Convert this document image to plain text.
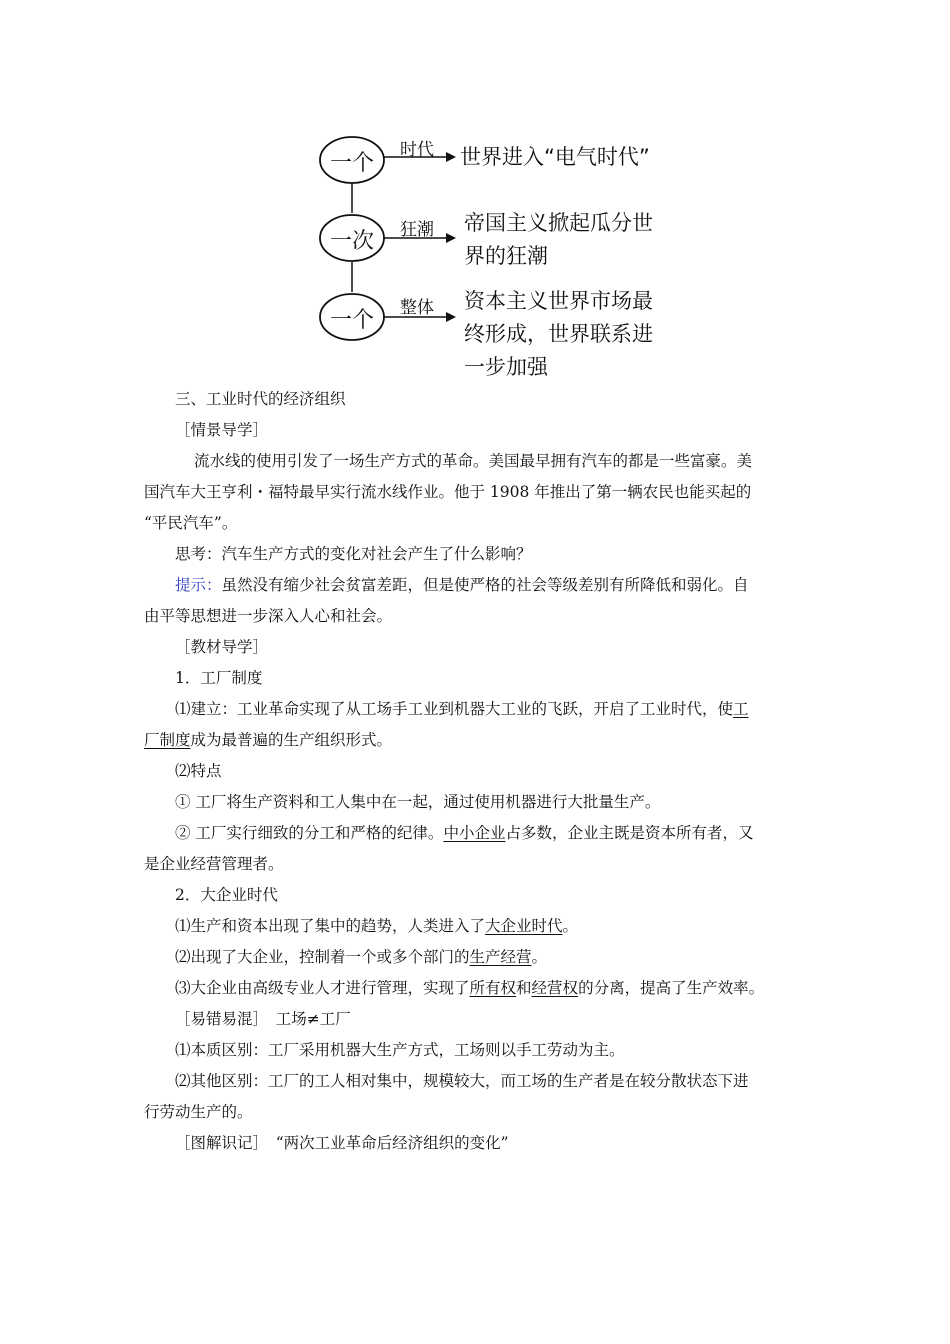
一个
一次
一个
时代
狂潮
整体
世界进入“电气时代”
帝国主义掀起瓜分世
界的狂潮
资本主义世界市场最
终形成，世界联系进
一步加强
三、工业时代的经济组织
［情景导学］
流水线的使用引发了一场生产方式的革命。美国最早拥有汽车的都是一些富豪。美
国汽车大王亨利・福特最早实行流水线作业。他于 1908 年推出了第一辆农民也能买起的
“平民汽车”。
思考：汽车生产方式的变化对社会产生了什么影响？
提示：虽然没有缩少社会贫富差距，但是使严格的社会等级差别有所降低和弱化。自
由平等思想进一步深入人心和社会。
［教材导学］
1．工厂制度
⑴建立：工业革命实现了从工场手工业到机器大工业的飞跃，开启了工业时代，使工
厂制度成为最普遍的生产组织形式。
⑵特点
① 工厂将生产资料和工人集中在一起，通过使用机器进行大批量生产。
② 工厂实行细致的分工和严格的纪律。中小企业占多数，企业主既是资本所有者，又
是企业经营管理者。
2．大企业时代
⑴生产和资本出现了集中的趋势，人类进入了大企业时代。
⑵出现了大企业，控制着一个或多个部门的生产经营。
⑶大企业由高级专业人才进行管理，实现了所有权和经营权的分离，提高了生产效率。
［易错易混］　工场≠工厂
⑴本质区别：工厂采用机器大生产方式，工场则以手工劳动为主。
⑵其他区别：工厂的工人相对集中，规模较大，而工场的生产者是在较分散状态下进
行劳动生产的。
［图解识记］　“两次工业革命后经济组织的变化”
